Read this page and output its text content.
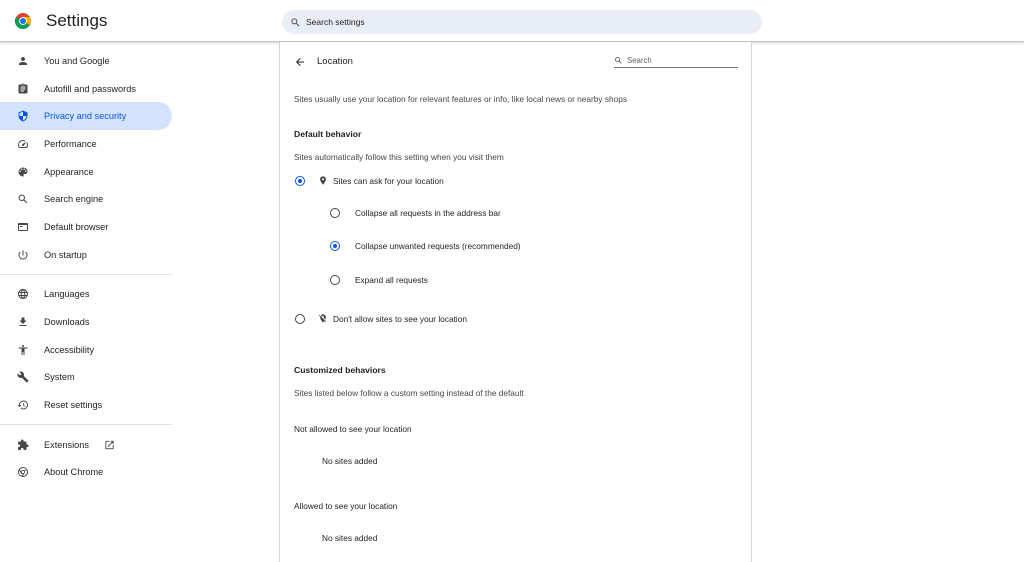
Settings
Search settings
You and Google
Autofill and passwords
Privacy and security
Performance
Appearance
Search engine
Default browser
On startup
Languages
Downloads
Accessibility
System
Reset settings
Extensions
About Chrome
Location
Search
Sites usually use your location for relevant features or info, like local news or nearby shops
Default behavior
Sites automatically follow this setting when you visit them
Sites can ask for your location
Collapse all requests in the address bar
Collapse unwanted requests (recommended)
Expand all requests
Don't allow sites to see your location
Customized behaviors
Sites listed below follow a custom setting instead of the default
Not allowed to see your location
No sites added
Allowed to see your location
No sites added
